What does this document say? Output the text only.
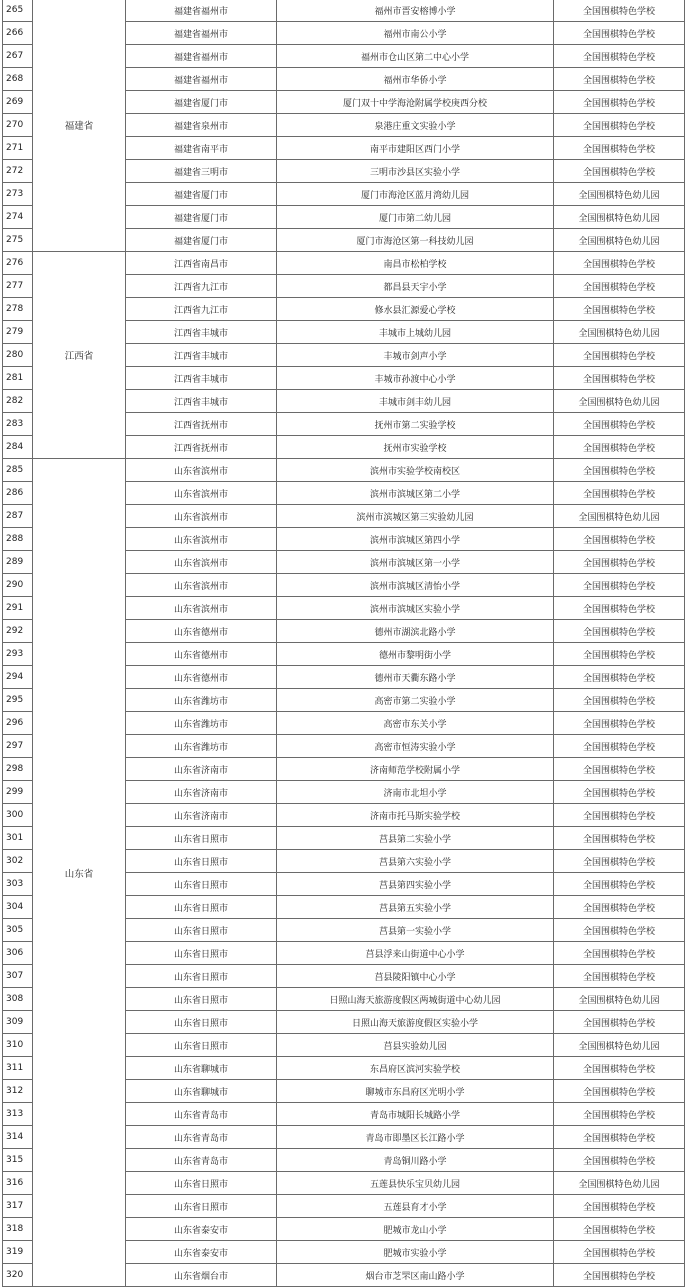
265	福建省	福建省福州市	福州市晋安榕博小学	全国围棋特色学校
266		福建省福州市	福州市南公小学	全国围棋特色学校
267		福建省福州市	福州市仓山区第二中心小学	全国围棋特色学校
268		福建省福州市	福州市华侨小学	全国围棋特色学校
269		福建省厦门市	厦门双十中学海沧附属学校庚西分校	全国围棋特色学校
270		福建省泉州市	泉港庄重文实验小学	全国围棋特色学校
271		福建省南平市	南平市建阳区西门小学	全国围棋特色学校
272		福建省三明市	三明市沙县区实验小学	全国围棋特色学校
273		福建省厦门市	厦门市海沧区蓝月湾幼儿园	全国围棋特色幼儿园
274		福建省厦门市	厦门市第二幼儿园	全国围棋特色幼儿园
275		福建省厦门市	厦门市海沧区第一科技幼儿园	全国围棋特色幼儿园
276	江西省	江西省南昌市	南昌市松柏学校	全国围棋特色学校
277		江西省九江市	都昌县天宇小学	全国围棋特色学校
278		江西省九江市	修水县汇源爱心学校	全国围棋特色学校
279		江西省丰城市	丰城市上城幼儿园	全国围棋特色幼儿园
280		江西省丰城市	丰城市剑声小学	全国围棋特色学校
281		江西省丰城市	丰城市孙渡中心小学	全国围棋特色学校
282		江西省丰城市	丰城市剑丰幼儿园	全国围棋特色幼儿园
283		江西省抚州市	抚州市第二实验学校	全国围棋特色学校
284		江西省抚州市	抚州市实验学校	全国围棋特色学校
285	山东省	山东省滨州市	滨州市实验学校南校区	全国围棋特色学校
286		山东省滨州市	滨州市滨城区第二小学	全国围棋特色学校
287		山东省滨州市	滨州市滨城区第三实验幼儿园	全国围棋特色幼儿园
288		山东省滨州市	滨州市滨城区第四小学	全国围棋特色学校
289		山东省滨州市	滨州市滨城区第一小学	全国围棋特色学校
290		山东省滨州市	滨州市滨城区清怡小学	全国围棋特色学校
291		山东省滨州市	滨州市滨城区实验小学	全国围棋特色学校
292		山东省德州市	德州市湖滨北路小学	全国围棋特色学校
293		山东省德州市	德州市黎明街小学	全国围棋特色学校
294		山东省德州市	德州市天衢东路小学	全国围棋特色学校
295		山东省潍坊市	高密市第二实验小学	全国围棋特色学校
296		山东省潍坊市	高密市东关小学	全国围棋特色学校
297		山东省潍坊市	高密市恒涛实验小学	全国围棋特色学校
298		山东省济南市	济南师范学校附属小学	全国围棋特色学校
299		山东省济南市	济南市北坦小学	全国围棋特色学校
300		山东省济南市	济南市托马斯实验学校	全国围棋特色学校
301		山东省日照市	莒县第二实验小学	全国围棋特色学校
302		山东省日照市	莒县第六实验小学	全国围棋特色学校
303		山东省日照市	莒县第四实验小学	全国围棋特色学校
304		山东省日照市	莒县第五实验小学	全国围棋特色学校
305		山东省日照市	莒县第一实验小学	全国围棋特色学校
306		山东省日照市	莒县浮来山街道中心小学	全国围棋特色学校
307		山东省日照市	莒县陵阳镇中心小学	全国围棋特色学校
308		山东省日照市	日照山海天旅游度假区两城街道中心幼儿园	全国围棋特色幼儿园
309		山东省日照市	日照山海天旅游度假区实验小学	全国围棋特色学校
310		山东省日照市	莒县实验幼儿园	全国围棋特色幼儿园
311		山东省聊城市	东昌府区滨河实验学校	全国围棋特色学校
312		山东省聊城市	聊城市东昌府区光明小学	全国围棋特色学校
313		山东省青岛市	青岛市城阳长城路小学	全国围棋特色学校
314		山东省青岛市	青岛市即墨区长江路小学	全国围棋特色学校
315		山东省青岛市	青岛铜川路小学	全国围棋特色学校
316		山东省日照市	五莲县快乐宝贝幼儿园	全国围棋特色幼儿园
317		山东省日照市	五莲县育才小学	全国围棋特色学校
318		山东省泰安市	肥城市龙山小学	全国围棋特色学校
319		山东省泰安市	肥城市实验小学	全国围棋特色学校
320		山东省烟台市	烟台市芝罘区南山路小学	全国围棋特色学校
